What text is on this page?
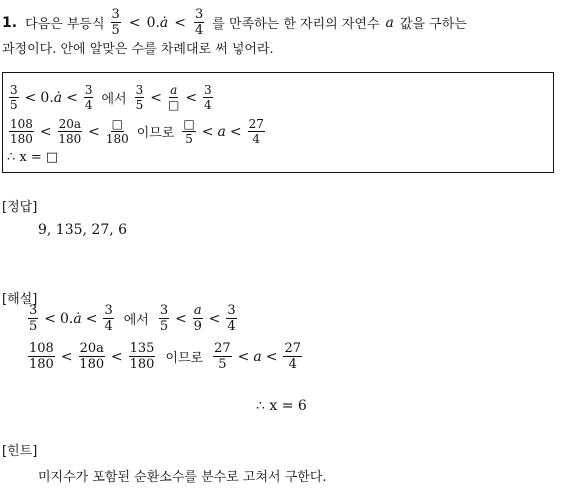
1. 다음은 부등식 $\frac{3}{5} < 0.a < \frac{3}{4}$ 를 만족하는 한 자리의 자연수 a 값을 구하는
과정이다. 안에 알맞은 수를 차례대로 써 넣어라.
$\frac{3}{5} < 0.a < \frac{3}{4}$ 에서 $\frac{3}{5} < \frac{a}{□} < \frac{3}{4}$
$\frac{108}{180} < \frac{20a}{180} < \frac{□}{180}$ 이므로 $\frac{□}{5} < a < \frac{27}{4}$
∴ x = □
[정답]
9, 135, 27, 6
[해설]
$\frac{3}{5} < 0.a < \frac{3}{4}$ 에서 $\frac{3}{5} < \frac{a}{9} < \frac{3}{4}$
$\frac{108}{180} < \frac{20a}{180} < \frac{135}{180}$ 이므로 $\frac{27}{5} < a < \frac{27}{4}$
∴ x = 6
[힌트]
미지수가 포함된 순환소수를 분수로 고쳐서 구한다.
